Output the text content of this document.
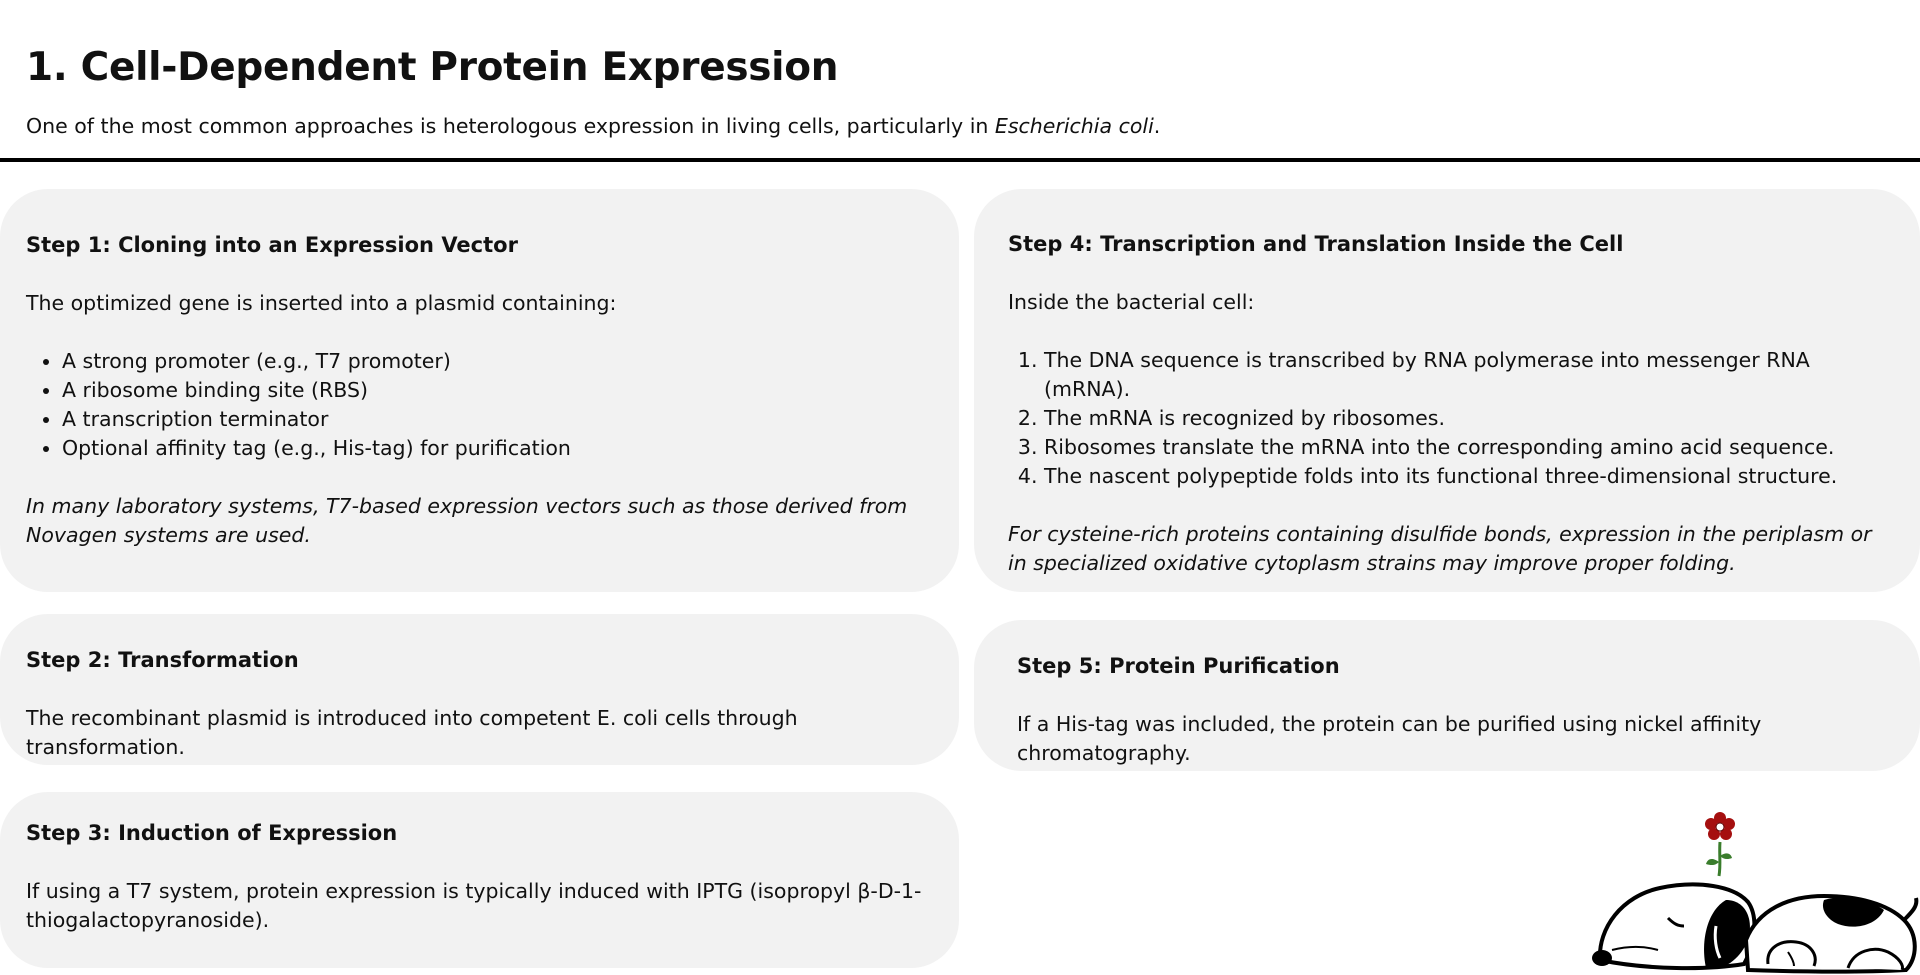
1. Cell-Dependent Protein Expression

One of the most common approaches is heterologous expression in living cells, particularly in Escherichia coli.

Step 1: Cloning into an Expression Vector

The optimized gene is inserted into a plasmid containing:

• A strong promoter (e.g., T7 promoter)
• A ribosome binding site (RBS)
• A transcription terminator
• Optional affinity tag (e.g., His-tag) for purification

In many laboratory systems, T7-based expression vectors such as those derived from Novagen systems are used.

Step 2: Transformation

The recombinant plasmid is introduced into competent E. coli cells through transformation.

Step 3: Induction of Expression

If using a T7 system, protein expression is typically induced with IPTG (isopropyl β-D-1-thiogalactopyranoside).

Step 4: Transcription and Translation Inside the Cell

Inside the bacterial cell:

1. The DNA sequence is transcribed by RNA polymerase into messenger RNA (mRNA).
2. The mRNA is recognized by ribosomes.
3. Ribosomes translate the mRNA into the corresponding amino acid sequence.
4. The nascent polypeptide folds into its functional three-dimensional structure.

For cysteine-rich proteins containing disulfide bonds, expression in the periplasm or in specialized oxidative cytoplasm strains may improve proper folding.

Step 5: Protein Purification

If a His-tag was included, the protein can be purified using nickel affinity chromatography.
